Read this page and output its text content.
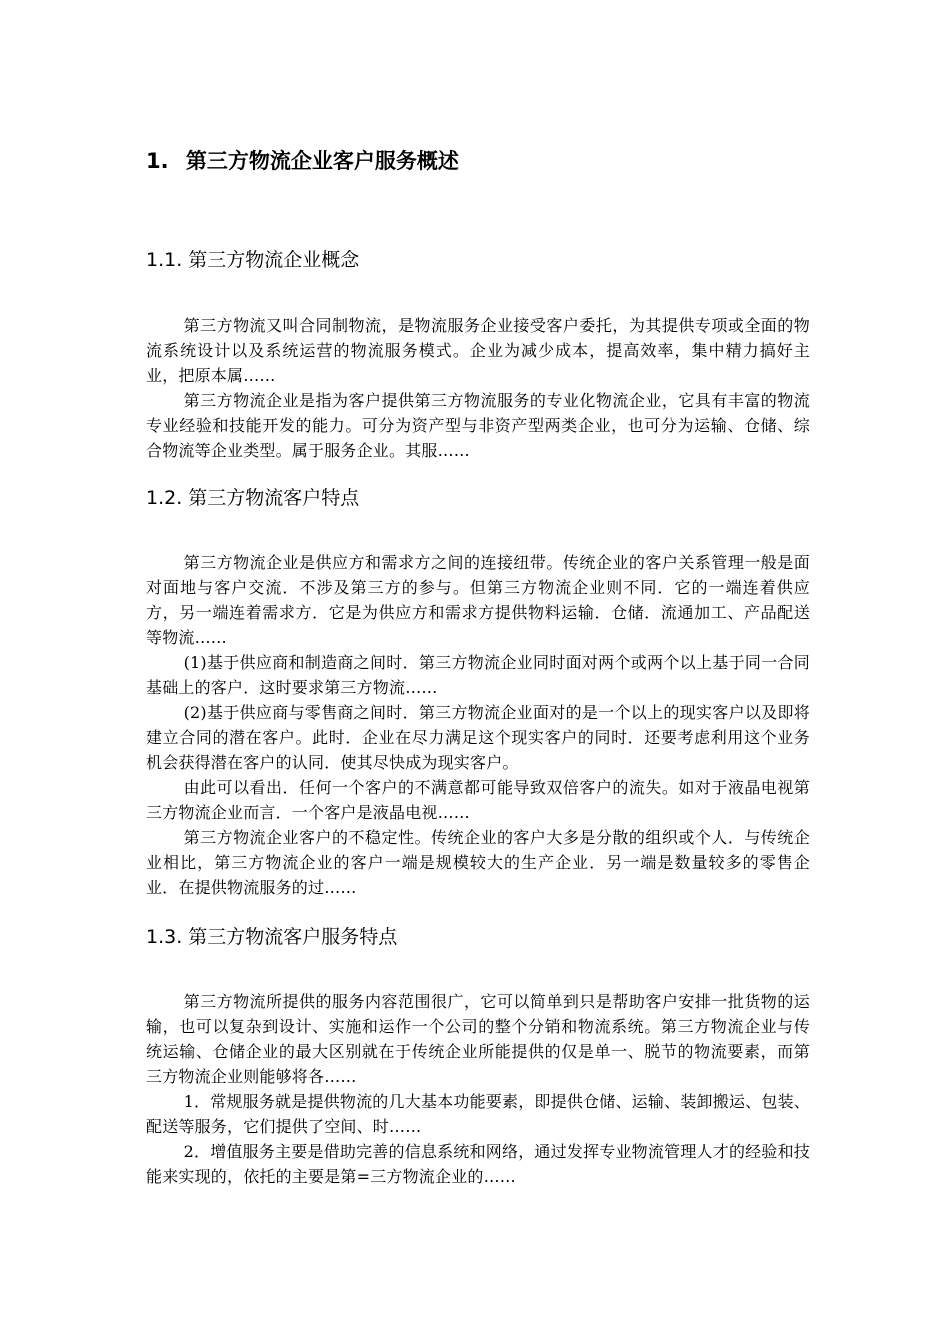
1. 第三方物流企业客户服务概述
1.1. 第三方物流企业概念

第三方物流又叫合同制物流，是物流服务企业接受客户委托，为其提供专项或全面的物流系统设计以及系统运营的物流服务模式。企业为减少成本，提高效率，集中精力搞好主业，把原本属……

第三方物流企业是指为客户提供第三方物流服务的专业化物流企业，它具有丰富的物流专业经验和技能开发的能力。可分为资产型与非资产型两类企业，也可分为运输、仓储、综合物流等企业类型。属于服务企业。其服……

1.2. 第三方物流客户特点

第三方物流企业是供应方和需求方之间的连接纽带。传统企业的客户关系管理一般是面对面地与客户交流．不涉及第三方的参与。但第三方物流企业则不同．它的一端连着供应方，另一端连着需求方．它是为供应方和需求方提供物料运输．仓储．流通加工、产品配送等物流……

(1)基于供应商和制造商之间时．第三方物流企业同时面对两个或两个以上基于同一合同基础上的客户．这时要求第三方物流……

(2)基于供应商与零售商之间时．第三方物流企业面对的是一个以上的现实客户以及即将建立合同的潜在客户。此时．企业在尽力满足这个现实客户的同时．还要考虑利用这个业务机会获得潜在客户的认同．使其尽快成为现实客户。

由此可以看出．任何一个客户的不满意都可能导致双倍客户的流失。如对于液晶电视第三方物流企业而言．一个客户是液晶电视……

第三方物流企业客户的不稳定性。传统企业的客户大多是分散的组织或个人．与传统企业相比，第三方物流企业的客户一端是规模较大的生产企业．另一端是数量较多的零售企业．在提供物流服务的过……

1.3. 第三方物流客户服务特点

第三方物流所提供的服务内容范围很广，它可以简单到只是帮助客户安排一批货物的运输，也可以复杂到设计、实施和运作一个公司的整个分销和物流系统。第三方物流企业与传统运输、仓储企业的最大区别就在于传统企业所能提供的仅是单一、脱节的物流要素，而第三方物流企业则能够将各……

1．常规服务就是提供物流的几大基本功能要素，即提供仓储、运输、装卸搬运、包装、配送等服务，它们提供了空间、时……

2．增值服务主要是借助完善的信息系统和网络，通过发挥专业物流管理人才的经验和技能来实现的，依托的主要是第=三方物流企业的……
